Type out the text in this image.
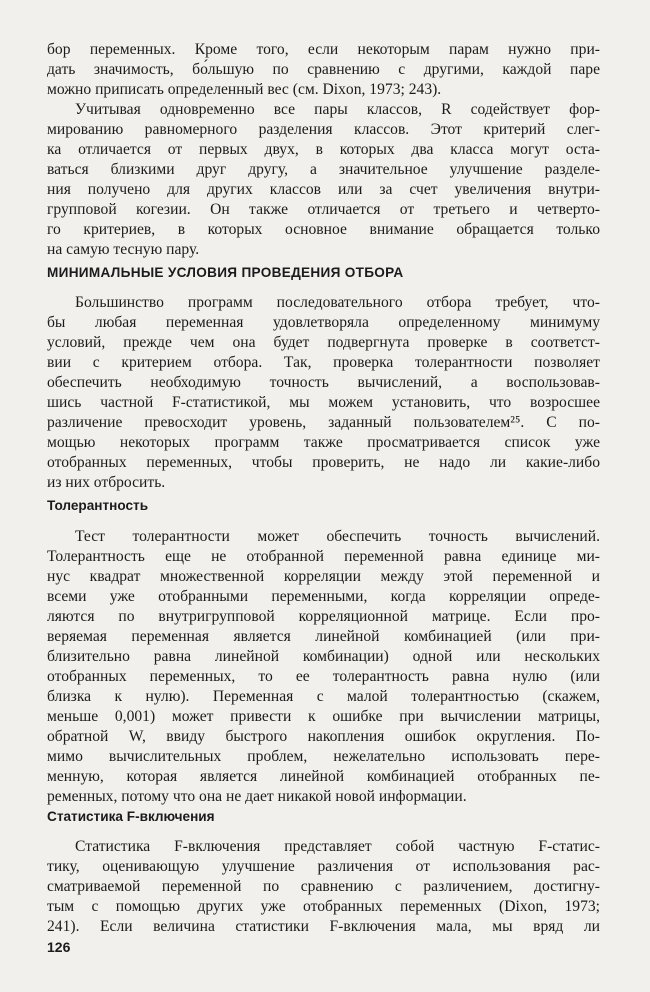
бор переменных. Кроме того, если некоторым парам нужно при-
дать значимость, бо́льшую по сравнению с другими, каждой паре
можно приписать определенный вес (см. Dixon, 1973; 243).
Учитывая одновременно все пары классов, R содействует фор-
мированию равномерного разделения классов. Этот критерий слег-
ка отличается от первых двух, в которых два класса могут оста-
ваться близкими друг другу, а значительное улучшение разделе-
ния получено для других классов или за счет увеличения внутри-
групповой когезии. Он также отличается от третьего и четверто-
го критериев, в которых основное внимание обращается только
на самую тесную пару.
МИНИМАЛЬНЫЕ УСЛОВИЯ ПРОВЕДЕНИЯ ОТБОРА
Большинство программ последовательного отбора требует, что-
бы любая переменная удовлетворяла определенному минимуму
условий, прежде чем она будет подвергнута проверке в соответст-
вии с критерием отбора. Так, проверка толерантности позволяет
обеспечить необходимую точность вычислений, а воспользовав-
шись частной F-статистикой, мы можем установить, что возросшее
различение превосходит уровень, заданный пользователем²⁵. С по-
мощью некоторых программ также просматривается список уже
отобранных переменных, чтобы проверить, не надо ли какие-либо
из них отбросить.
Толерантность
Тест толерантности может обеспечить точность вычислений.
Толерантность еще не отобранной переменной равна единице ми-
нус квадрат множественной корреляции между этой переменной и
всеми уже отобранными переменными, когда корреляции опреде-
ляются по внутригрупповой корреляционной матрице. Если про-
веряемая переменная является линейной комбинацией (или при-
близительно равна линейной комбинации) одной или нескольких
отобранных переменных, то ее толерантность равна нулю (или
близка к нулю). Переменная с малой толерантностью (скажем,
меньше 0,001) может привести к ошибке при вычислении матрицы,
обратной W, ввиду быстрого накопления ошибок округления. По-
мимо вычислительных проблем, нежелательно использовать пере-
менную, которая является линейной комбинацией отобранных пе-
ременных, потому что она не дает никакой новой информации.
Статистика F-включения
Статистика F-включения представляет собой частную F-статис-
тику, оценивающую улучшение различения от использования рас-
сматриваемой переменной по сравнению с различением, достигну-
тым с помощью других уже отобранных переменных (Dixon, 1973;
241). Если величина статистики F-включения мала, мы вряд ли
126
